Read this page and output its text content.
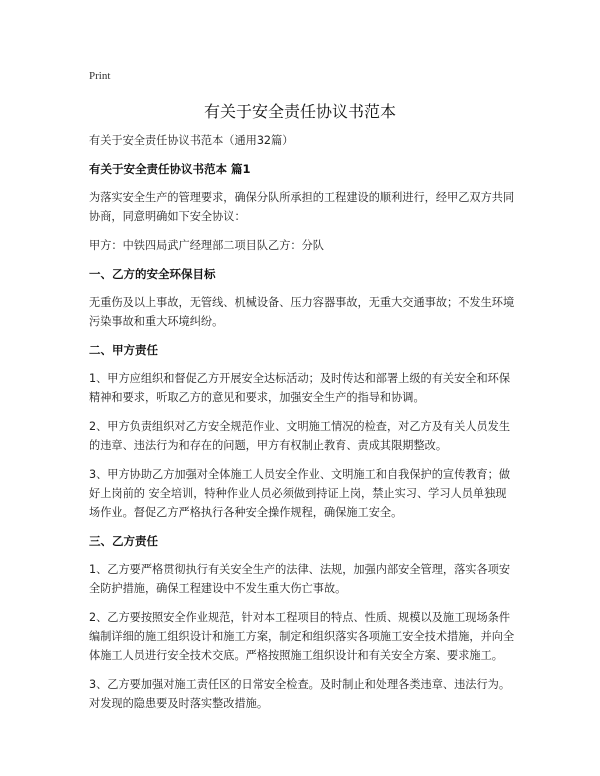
Print
有关于安全责任协议书范本

有关于安全责任协议书范本（通用32篇）

有关于安全责任协议书范本 篇1

为落实安全生产的管理要求，确保分队所承担的工程建设的顺利进行，经甲乙双方共同协商，同意明确如下安全协议：

甲方：中铁四局武广经理部二项目队乙方：分队

一、乙方的安全环保目标

无重伤及以上事故，无管线、机械设备、压力容器事故，无重大交通事故；不发生环境污染事故和重大环境纠纷。

二、甲方责任

1、甲方应组织和督促乙方开展安全达标活动；及时传达和部署上级的有关安全和环保精神和要求，听取乙方的意见和要求，加强安全生产的指导和协调。

2、甲方负责组织对乙方安全规范作业、文明施工情况的检查，对乙方及有关人员发生的违章、违法行为和存在的问题，甲方有权制止教育、责成其限期整改。

3、甲方协助乙方加强对全体施工人员安全作业、文明施工和自我保护的宣传教育；做好上岗前的 安全培训，特种作业人员必须做到持证上岗，禁止实习、学习人员单独现场作业。督促乙方严格执行各种安全操作规程，确保施工安全。

三、乙方责任

1、乙方要严格贯彻执行有关安全生产的法律、法规，加强内部安全管理，落实各项安全防护措施，确保工程建设中不发生重大伤亡事故。

2、乙方要按照安全作业规范，针对本工程项目的特点、性质、规模以及施工现场条件编制详细的施工组织设计和施工方案，制定和组织落实各项施工安全技术措施，并向全体施工人员进行安全技术交底。严格按照施工组织设计和有关安全方案、要求施工。

3、乙方要加强对施工责任区的日常安全检查。及时制止和处理各类违章、违法行为。对发现的隐患要及时落实整改措施。
